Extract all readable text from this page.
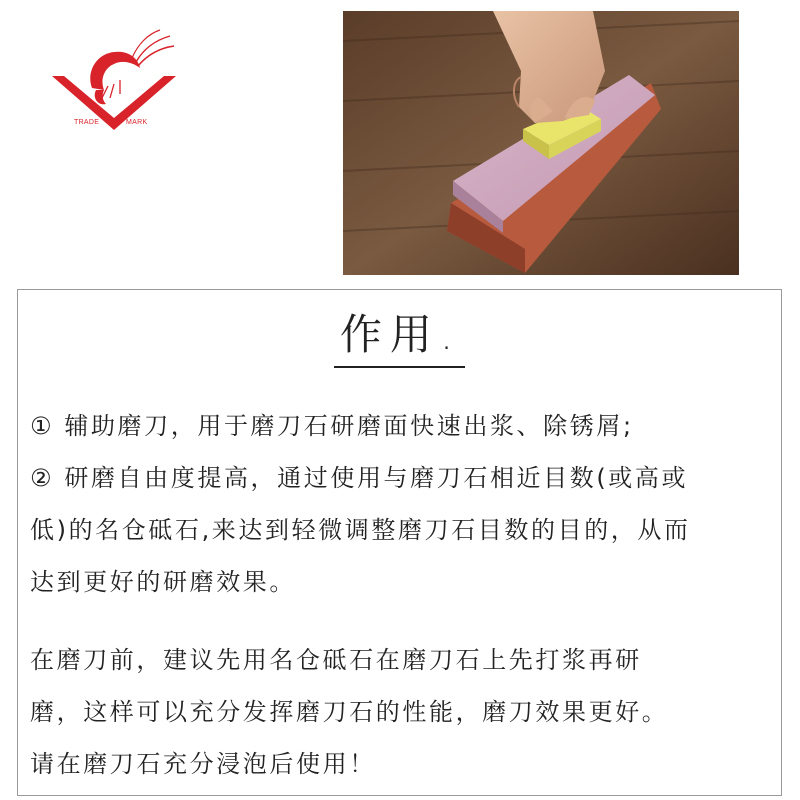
TRADE	MARK
作用.

① 辅助磨刀，用于磨刀石研磨面快速出浆、除锈屑;
② 研磨自由度提高，通过使用与磨刀石相近目数(或高或
低)的名仓砥石,来达到轻微调整磨刀石目数的目的，从而
达到更好的研磨效果。

在磨刀前，建议先用名仓砥石在磨刀石上先打浆再研
磨，这样可以充分发挥磨刀石的性能，磨刀效果更好。
请在磨刀石充分浸泡后使用！
